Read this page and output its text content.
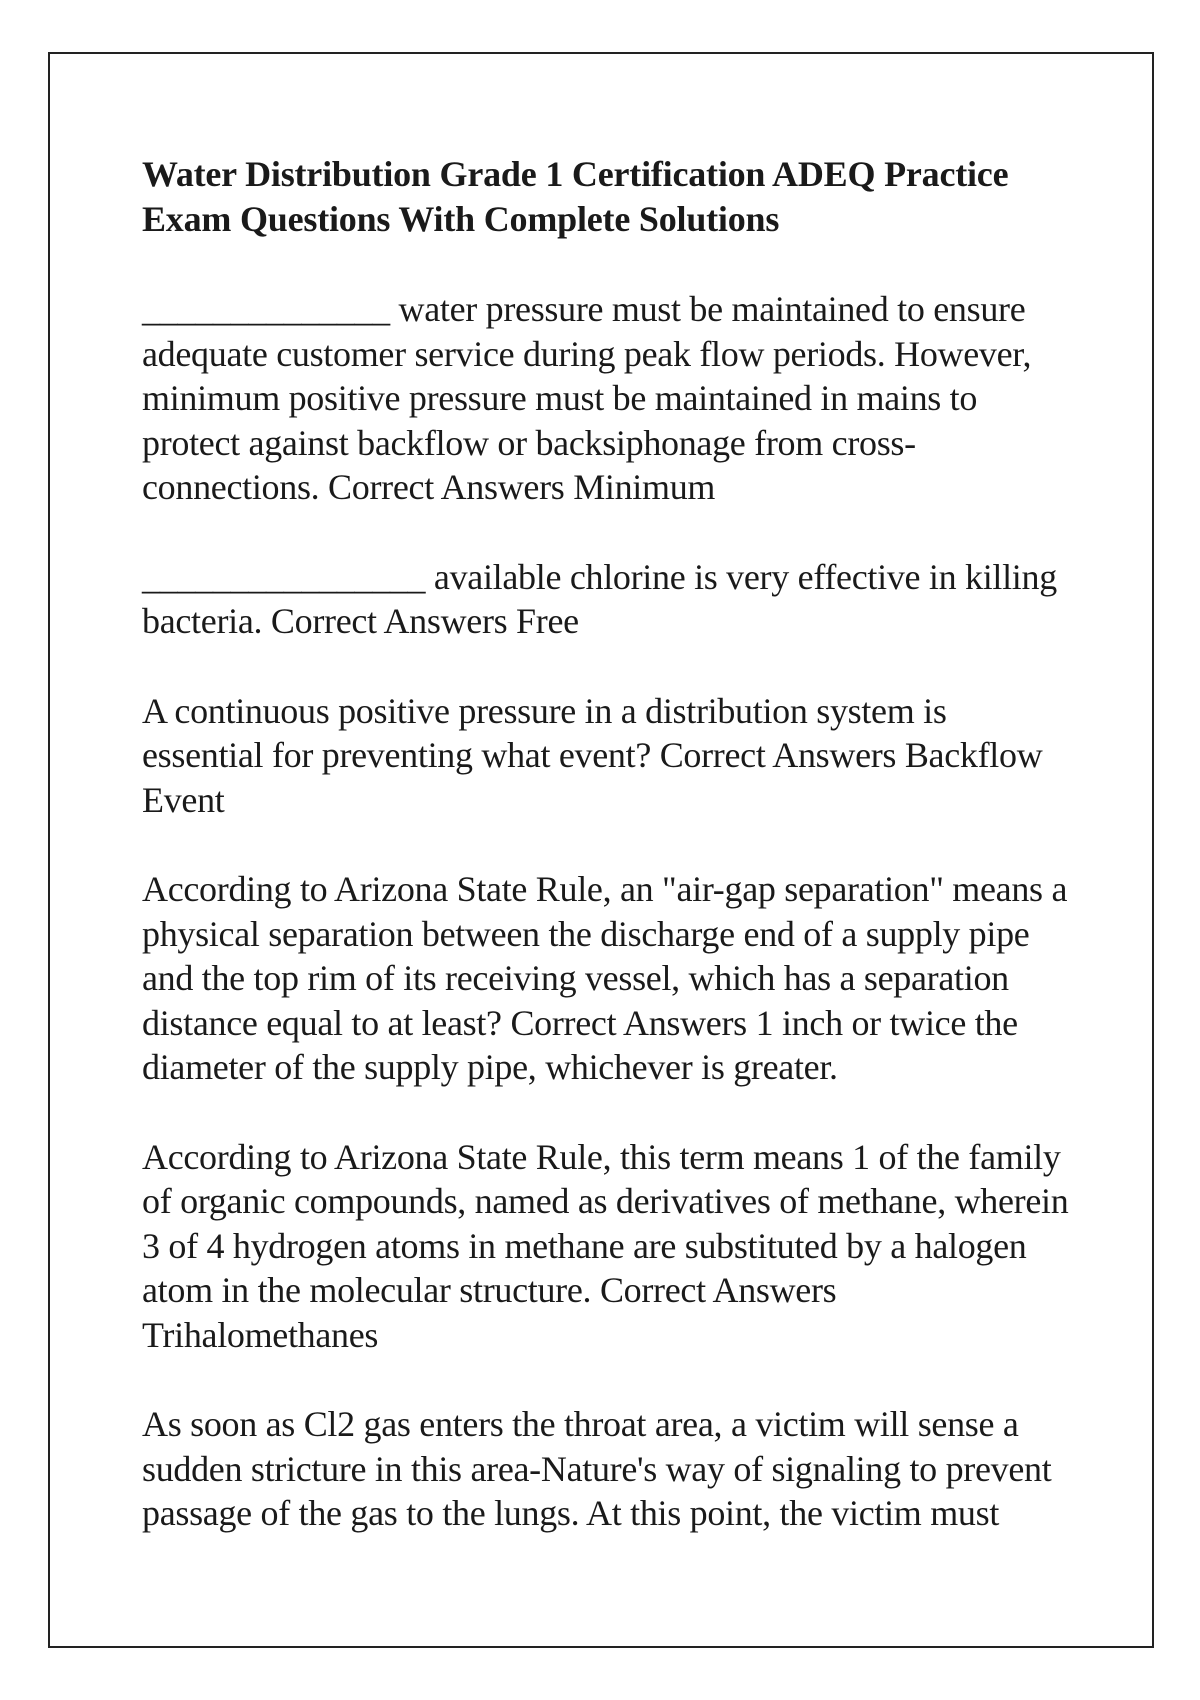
Water Distribution Grade 1 Certification ADEQ Practice Exam Questions With Complete Solutions

______________ water pressure must be maintained to ensure adequate customer service during peak flow periods. However, minimum positive pressure must be maintained in mains to protect against backflow or backsiphonage from cross-connections. Correct Answers Minimum

________________ available chlorine is very effective in killing bacteria. Correct Answers Free

A continuous positive pressure in a distribution system is essential for preventing what event? Correct Answers Backflow Event

According to Arizona State Rule, an "air-gap separation" means a physical separation between the discharge end of a supply pipe and the top rim of its receiving vessel, which has a separation distance equal to at least? Correct Answers 1 inch or twice the diameter of the supply pipe, whichever is greater.

According to Arizona State Rule, this term means 1 of the family of organic compounds, named as derivatives of methane, wherein 3 of 4 hydrogen atoms in methane are substituted by a halogen atom in the molecular structure. Correct Answers Trihalomethanes

As soon as Cl2 gas enters the throat area, a victim will sense a sudden stricture in this area-Nature's way of signaling to prevent passage of the gas to the lungs. At this point, the victim must
